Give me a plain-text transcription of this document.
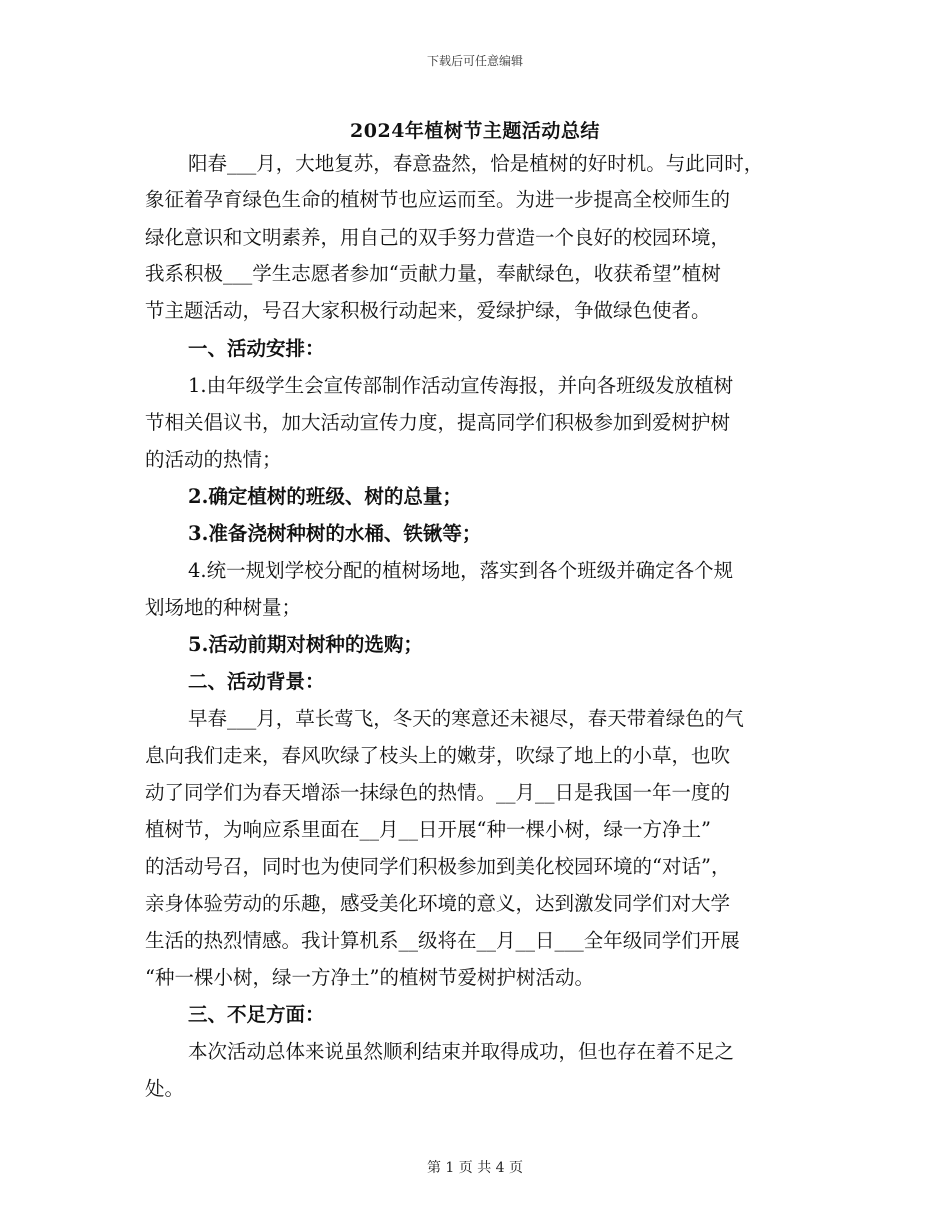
下载后可任意编辑
2024年植树节主题活动总结
阳春___月，大地复苏，春意盎然，恰是植树的好时机。与此同时，
象征着孕育绿色生命的植树节也应运而至。为进一步提高全校师生的
绿化意识和文明素养，用自己的双手努力营造一个良好的校园环境，
我系积极___学生志愿者参加“贡献力量，奉献绿色，收获希望”植树
节主题活动，号召大家积极行动起来，爱绿护绿，争做绿色使者。
一、活动安排：
1.由年级学生会宣传部制作活动宣传海报，并向各班级发放植树
节相关倡议书，加大活动宣传力度，提高同学们积极参加到爱树护树
的活动的热情；
2.确定植树的班级、树的总量；
3.准备浇树种树的水桶、铁锹等；
4.统一规划学校分配的植树场地，落实到各个班级并确定各个规
划场地的种树量；
5.活动前期对树种的选购；
二、活动背景：
早春___月，草长莺飞，冬天的寒意还未褪尽，春天带着绿色的气
息向我们走来，春风吹绿了枝头上的嫩芽，吹绿了地上的小草，也吹
动了同学们为春天增添一抹绿色的热情。__月__日是我国一年一度的
植树节，为响应系里面在__月__日开展“种一棵小树，绿一方净土”
的活动号召，同时也为使同学们积极参加到美化校园环境的“对话”，
亲身体验劳动的乐趣，感受美化环境的意义，达到激发同学们对大学
生活的热烈情感。我计算机系__级将在__月__日___全年级同学们开展
“种一棵小树，绿一方净土”的植树节爱树护树活动。
三、不足方面：
本次活动总体来说虽然顺利结束并取得成功，但也存在着不足之
处。
第 1 页 共 4 页
